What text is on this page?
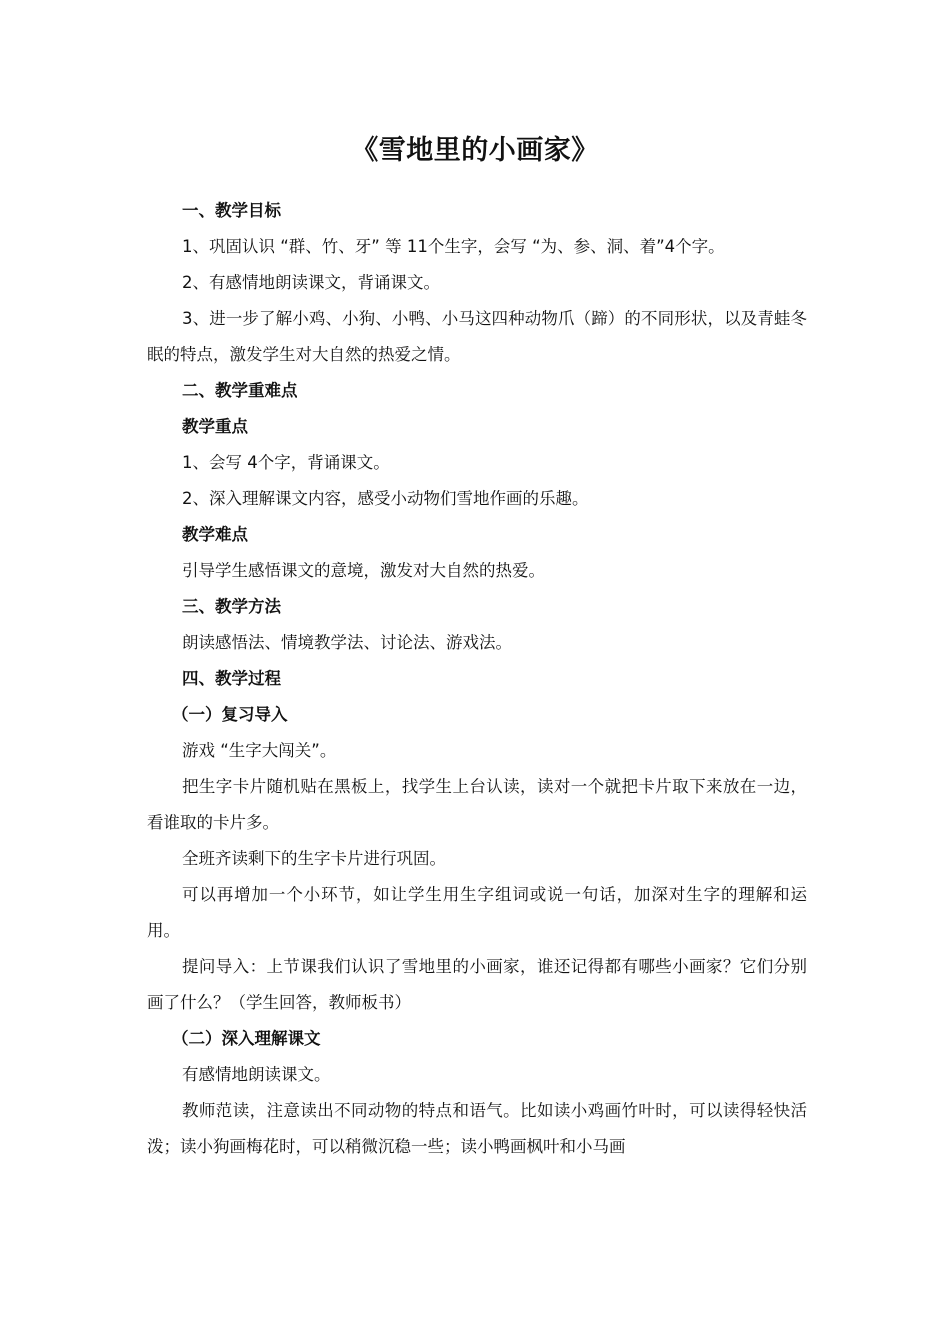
《雪地里的小画家》

一、教学目标

1、巩固认识 “群、竹、牙” 等 11个生字，会写 “为、参、洞、着”4个字。

2、有感情地朗读课文，背诵课文。

3、进一步了解小鸡、小狗、小鸭、小马这四种动物爪（蹄）的不同形状，以及青蛙冬眠的特点，激发学生对大自然的热爱之情。

二、教学重难点

教学重点

1、会写 4个字，背诵课文。

2、深入理解课文内容，感受小动物们雪地作画的乐趣。

教学难点

引导学生感悟课文的意境，激发对大自然的热爱。

三、教学方法

朗读感悟法、情境教学法、讨论法、游戏法。

四、教学过程

（一）复习导入

游戏 “生字大闯关”。

把生字卡片随机贴在黑板上，找学生上台认读，读对一个就把卡片取下来放在一边，看谁取的卡片多。

全班齐读剩下的生字卡片进行巩固。

可以再增加一个小环节，如让学生用生字组词或说一句话，加深对生字的理解和运用。

提问导入：上节课我们认识了雪地里的小画家，谁还记得都有哪些小画家？它们分别画了什么？（学生回答，教师板书）

（二）深入理解课文

有感情地朗读课文。

教师范读，注意读出不同动物的特点和语气。比如读小鸡画竹叶时，可以读得轻快活泼；读小狗画梅花时，可以稍微沉稳一些；读小鸭画枫叶和小马画
